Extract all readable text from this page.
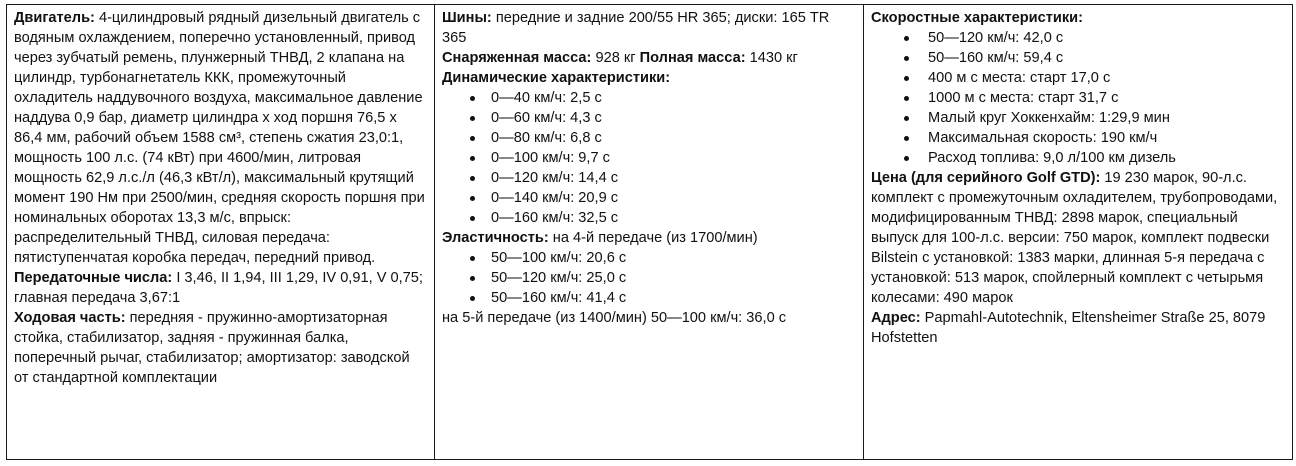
Двигатель: 4-цилиндровый рядный дизельный двигатель с водяным охлаждением, поперечно установленный, привод через зубчатый ремень, плунжерный ТНВД, 2 клапана на цилиндр, турбонагнетатель ККК, промежуточный охладитель наддувочного воздуха, максимальное давление наддува 0,9 бар, диаметр цилиндра х ход поршня 76,5 х 86,4 мм, рабочий объем 1588 см³, степень сжатия 23,0:1, мощность 100 л.с. (74 кВт) при 4600/мин, литровая мощность 62,9 л.с./л (46,3 кВт/л), максимальный крутящий момент 190 Нм при 2500/мин, средняя скорость поршня при номинальных оборотах 13,3 м/с, впрыск: распределительный ТНВД, силовая передача: пятиступенчатая коробка передач, передний привод.

Передаточные числа: I 3,46, II 1,94, III 1,29, IV 0,91, V 0,75; главная передача 3,67:1

Ходовая часть: передняя - пружинно-амортизаторная стойка, стабилизатор, задняя - пружинная балка, поперечный рычаг, стабилизатор; амортизатор: заводской от стандартной комплектации

Шины: передние и задние 200/55 HR 365; диски: 165 TR 365

Снаряженная масса: 928 кг Полная масса: 1430 кг

Динамические характеристики:

0—40 км/ч: 2,5 с
0—60 км/ч: 4,3 с
0—80 км/ч: 6,8 с
0—100 км/ч: 9,7 с
0—120 км/ч: 14,4 с
0—140 км/ч: 20,9 с
0—160 км/ч: 32,5 с

Эластичность: на 4-й передаче (из 1700/мин)

50—100 км/ч: 20,6 с
50—120 км/ч: 25,0 с
50—160 км/ч: 41,4 с

на 5-й передаче (из 1400/мин) 50—100 км/ч: 36,0 с

Скоростные характеристики:

50—120 км/ч: 42,0 с
50—160 км/ч: 59,4 с
400 м с места: старт 17,0 с
1000 м с места: старт 31,7 с
Малый круг Хоккенхайм: 1:29,9 мин
Максимальная скорость: 190 км/ч
Расход топлива: 9,0 л/100 км дизель

Цена (для серийного Golf GTD): 19 230 марок, 90-л.с. комплект с промежуточным охладителем, трубопроводами, модифицированным ТНВД: 2898 марок, специальный выпуск для 100-л.с. версии: 750 марок, комплект подвески Bilstein с установкой: 1383 марки, длинная 5-я передача с установкой: 513 марок, спойлерный комплект с четырьмя колесами: 490 марок

Адрес: Papmahl-Autotechnik, Eltensheimer Straße 25, 8079 Hofstetten
